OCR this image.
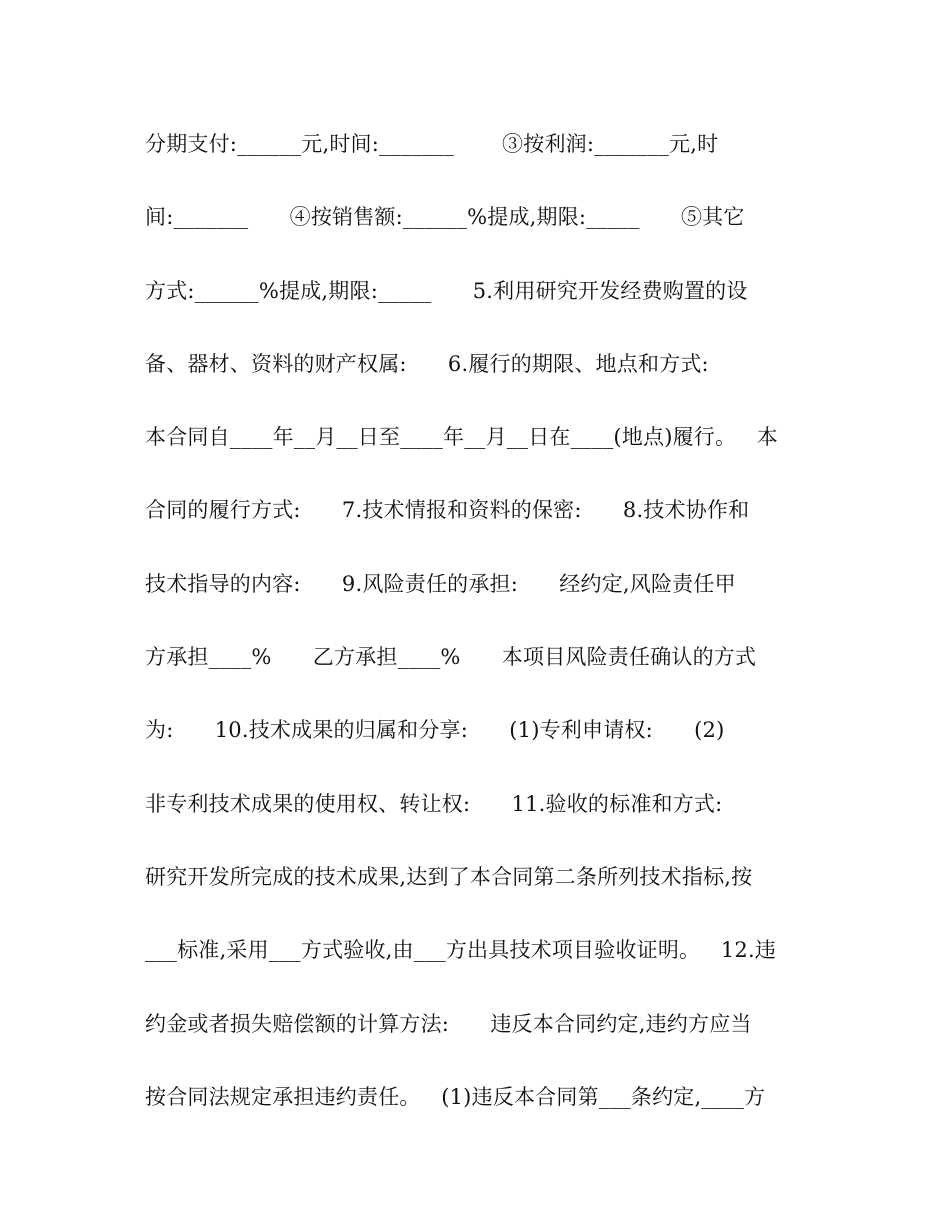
分期支付:______元,时间:_______       ③按利润:_______元,时
间:_______      ④按销售额:______%提成,期限:_____      ⑤其它
方式:______%提成,期限:_____      5.利用研究开发经费购置的设
备、器材、资料的财产权属:      6.履行的期限、地点和方式:
本合同自____年__月__日至____年__月__日在____(地点)履行。   本
合同的履行方式:      7.技术情报和资料的保密:      8.技术协作和
技术指导的内容:      9.风险责任的承担:      经约定,风险责任甲
方承担____%      乙方承担____%      本项目风险责任确认的方式
为:      10.技术成果的归属和分享:      (1)专利申请权:      (2)
非专利技术成果的使用权、转让权:      11.验收的标准和方式:
研究开发所完成的技术成果,达到了本合同第二条所列技术指标,按
___标准,采用___方式验收,由___方出具技术项目验收证明。   12.违
约金或者损失赔偿额的计算方法:      违反本合同约定,违约方应当
按合同法规定承担违约责任。   (1)违反本合同第___条约定,____方
